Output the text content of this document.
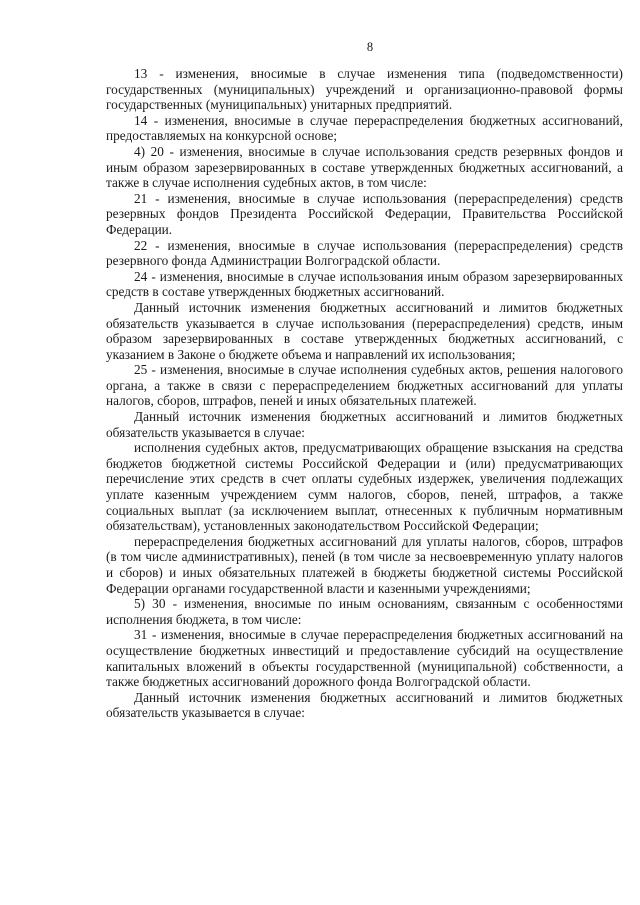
8

13 - изменения, вносимые в случае изменения типа (подведомственности) государственных (муниципальных) учреждений и организационно-правовой формы государственных (муниципальных) унитарных предприятий.

14 - изменения, вносимые в случае перераспределения бюджетных ассигнований, предоставляемых на конкурсной основе;

4) 20 - изменения, вносимые в случае использования средств резервных фондов и иным образом зарезервированных в составе утвержденных бюджетных ассигнований, а также в случае исполнения судебных актов, в том числе:

21 - изменения, вносимые в случае использования (перераспределения) средств резервных фондов Президента Российской Федерации, Правительства Российской Федерации.

22 - изменения, вносимые в случае использования (перераспределения) средств резервного фонда Администрации Волгоградской области.

24 - изменения, вносимые в случае использования иным образом зарезервированных средств в составе утвержденных бюджетных ассигнований.

Данный источник изменения бюджетных ассигнований и лимитов бюджетных обязательств указывается в случае использования (перераспределения) средств, иным образом зарезервированных в составе утвержденных бюджетных ассигнований, с указанием в Законе о бюджете объема и направлений их использования;

25 - изменения, вносимые в случае исполнения судебных актов, решения налогового органа, а также в связи с перераспределением бюджетных ассигнований для уплаты налогов, сборов, штрафов, пеней и иных обязательных платежей.

Данный источник изменения бюджетных ассигнований и лимитов бюджетных обязательств указывается в случае:

исполнения судебных актов, предусматривающих обращение взыскания на средства бюджетов бюджетной системы Российской Федерации и (или) предусматривающих перечисление этих средств в счет оплаты судебных издержек, увеличения подлежащих уплате казенным учреждением сумм налогов, сборов, пеней, штрафов, а также социальных выплат (за исключением выплат, отнесенных к публичным нормативным обязательствам), установленных законодательством Российской Федерации;

перераспределения бюджетных ассигнований для уплаты налогов, сборов, штрафов (в том числе административных), пеней (в том числе за несвоевременную уплату налогов и сборов) и иных обязательных платежей в бюджеты бюджетной системы Российской Федерации органами государственной власти и казенными учреждениями;

5) 30 - изменения, вносимые по иным основаниям, связанным с особенностями исполнения бюджета, в том числе:

31 - изменения, вносимые в случае перераспределения бюджетных ассигнований на осуществление бюджетных инвестиций и предоставление субсидий на осуществление капитальных вложений в объекты государственной (муниципальной) собственности, а также бюджетных ассигнований дорожного фонда Волгоградской области.

Данный источник изменения бюджетных ассигнований и лимитов бюджетных обязательств указывается в случае:
